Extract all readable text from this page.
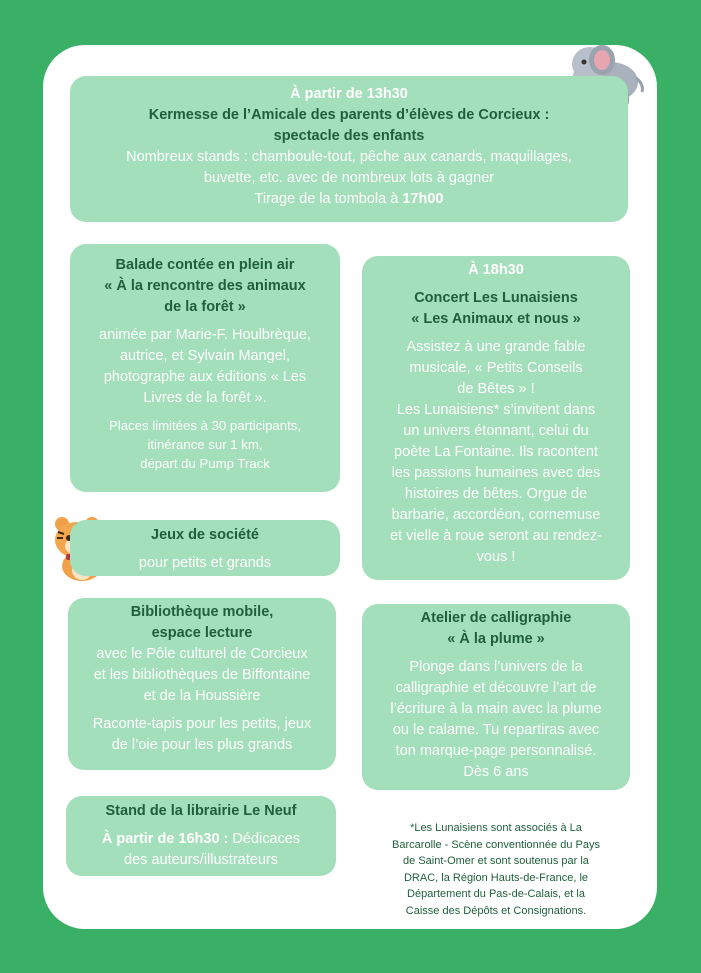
À partir de 13h30
Kermesse de l’Amicale des parents d’élèves de Corcieux :
spectacle des enfants
Nombreux stands : chamboule-tout, pêche aux canards, maquillages,
buvette, etc. avec de nombreux lots à gagner
Tirage de la tombola à 17h00
Balade contée en plein air
« À la rencontre des animaux
de la forêt »
animée par Marie-F. Houlbrèque,
autrice, et Sylvain Mangel,
photographe aux éditions « Les
Livres de la forêt ».
Places limitées à 30 participants,
itinérance sur 1 km,
départ du Pump Track
À 18h30
Concert Les Lunaisiens
« Les Animaux et nous »
Assistez à une grande fable
musicale, « Petits Conseils
de Bêtes » !
Les Lunaisiens* s’invitent dans
un univers étonnant, celui du
poète La Fontaine. Ils racontent
les passions humaines avec des
histoires de bêtes. Orgue de
barbarie, accordéon, cornemuse
et vielle à roue seront au rendez-
vous !
Jeux de société
pour petits et grands
Bibliothèque mobile,
espace lecture
avec le Pôle culturel de Corcieux
et les bibliothèques de Biffontaine
et de la Houssière
Raconte-tapis pour les petits, jeux
de l’oie pour les plus grands
Atelier de calligraphie
« À la plume »
Plonge dans l’univers de la
calligraphie et découvre l’art de
l’écriture à la main avec la plume
ou le calame. Tu repartiras avec
ton marque-page personnalisé.
Dès 6 ans
Stand de la librairie Le Neuf
À partir de 16h30 : Dédicaces
des auteurs/illustrateurs
*Les Lunaisiens sont associés à La
Barcarolle - Scène conventionnée du Pays
de Saint-Omer et sont soutenus par la
DRAC, la Région Hauts-de-France, le
Département du Pas-de-Calais, et la
Caisse des Dépôts et Consignations.
